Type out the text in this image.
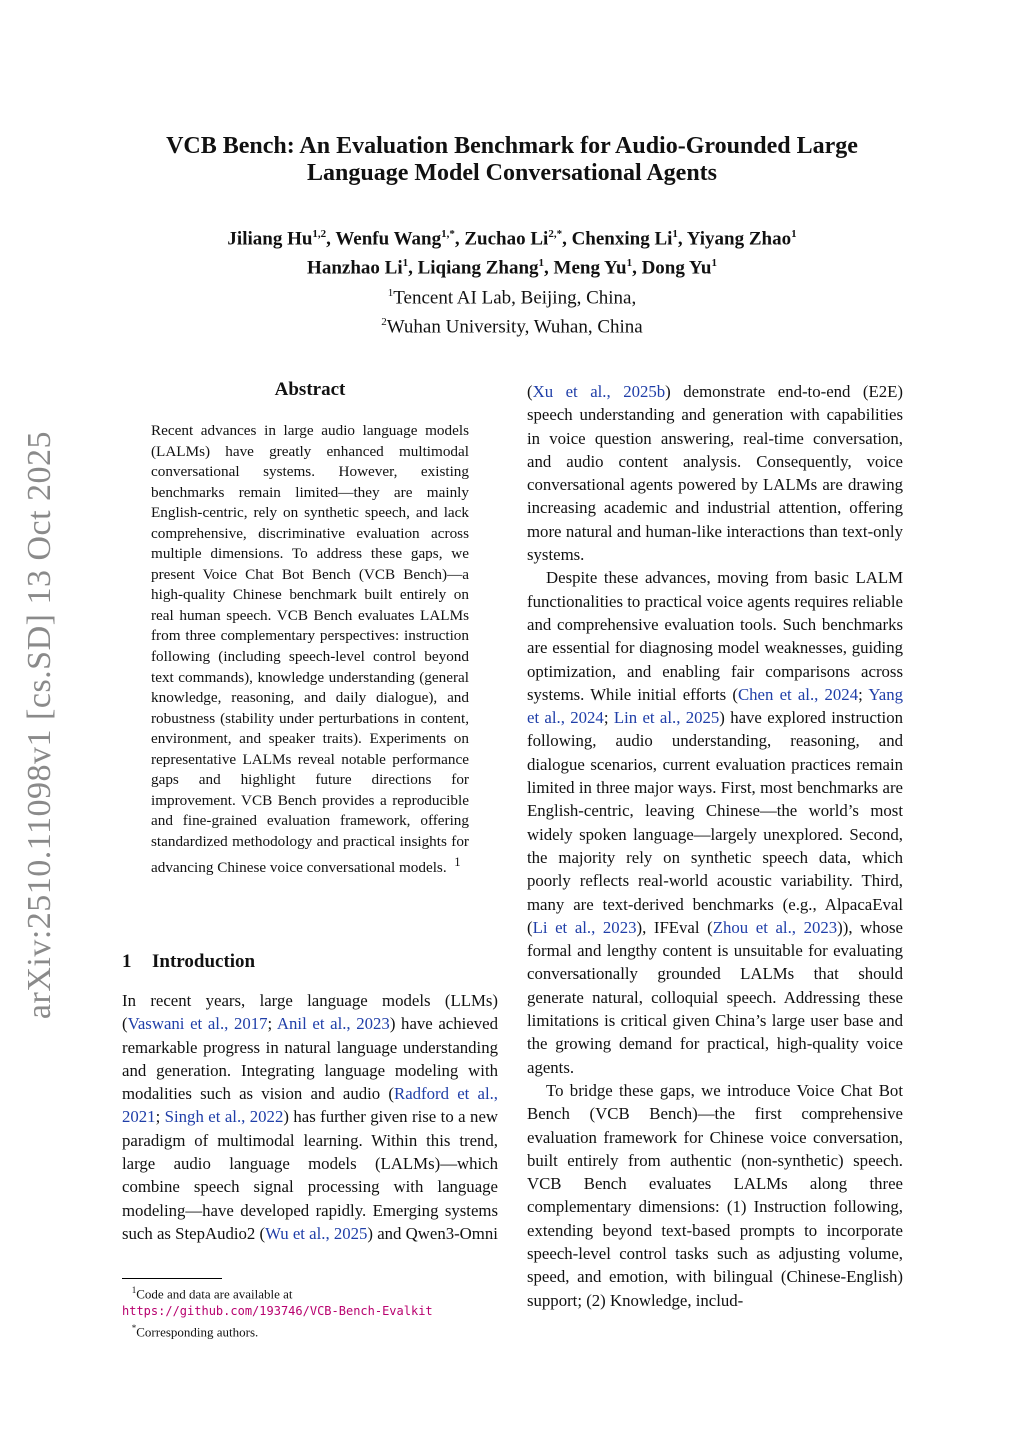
arXiv:2510.11098v1 [cs.SD] 13 Oct 2025
VCB Bench: An Evaluation Benchmark for Audio-Grounded Large Language Model Conversational Agents
Jiliang Hu$^{1,2}$, Wenfu Wang$^{1,*}$, Zuchao $Li^{2,*}$, Chenxing Li$^1$, Yiyang Zhao$^1$
Hanzhao Li$^1$, Liqiang Zhang$^1$, Meng Yu$^1$, Dong Yu$^1$
$^1$Tencent AI Lab, Beijing, China,
$^2$Wuhan University, Wuhan, China
Abstract
Recent advances in large audio language models (LALMs) have greatly enhanced multimodal conversational systems. However, existing benchmarks remain limited—they are mainly English-centric, rely on synthetic speech, and lack comprehensive, discriminative evaluation across multiple dimensions. To address these gaps, we present Voice Chat Bot Bench (VCB Bench)—a high-quality Chinese benchmark built entirely on real human speech. VCB Bench evaluates LALMs from three complementary perspectives: instruction following (including speech-level control beyond text commands), knowledge understanding (general knowledge, reasoning, and daily dialogue), and robustness (stability under perturbations in content, environment, and speaker traits). Experiments on representative LALMs reveal notable performance gaps and highlight future directions for improvement. VCB Bench provides a reproducible and fine-grained evaluation framework, offering standardized methodology and practical insights for advancing Chinese voice conversational models. $^1$
1 Introduction
In recent years, large language models (LLMs) (Vaswani et al., 2017; Anil et al., 2023) have achieved remarkable progress in natural language understanding and generation. Integrating language modeling with modalities such as vision and audio (Radford et al., 2021; Singh et al., 2022) has further given rise to a new paradigm of multimodal learning. Within this trend, large audio language models (LALMs)—which combine speech signal processing with language modeling—have developed rapidly. Emerging systems such as StepAudio2 (Wu et al., 2025) and Qwen3-Omni

(Xu et al., 2025b) demonstrate end-to-end (E2E) speech understanding and generation with capabilities in voice question answering, real-time conversation, and audio content analysis. Consequently, voice conversational agents powered by LALMs are drawing increasing academic and industrial attention, offering more natural and human-like interactions than text-only systems.

Despite these advances, moving from basic LALM functionalities to practical voice agents requires reliable and comprehensive evaluation tools. Such benchmarks are essential for diagnosing model weaknesses, guiding optimization, and enabling fair comparisons across systems. While initial efforts (Chen et al., 2024; Yang et al., 2024; Lin et al., 2025) have explored instruction following, audio understanding, reasoning, and dialogue scenarios, current evaluation practices remain limited in three major ways. First, most benchmarks are English-centric, leaving Chinese—the world’s most widely spoken language—largely unexplored. Second, the majority rely on synthetic speech data, which poorly reflects real-world acoustic variability. Third, many are text-derived benchmarks (e.g., AlpacaEval (Li et al., 2023), IFEval (Zhou et al., 2023)), whose formal and lengthy content is unsuitable for evaluating conversationally grounded LALMs that should generate natural, colloquial speech. Addressing these limitations is critical given China’s large user base and the growing demand for practical, high-quality voice agents.

To bridge these gaps, we introduce Voice Chat Bot Bench (VCB Bench)—the first comprehensive evaluation framework for Chinese voice conversation, built entirely from authentic (non-synthetic) speech. VCB Bench evaluates LALMs along three complementary dimensions: (1) Instruction following, extending beyond text-based prompts to incorporate speech-level control tasks such as adjusting volume, speed, and emotion, with bilingual (Chinese-English) support; (2) Knowledge, includ-

$^1$Code and data are available at https://github.com/193746/VCB-Bench-Evalkit
*Corresponding authors.
